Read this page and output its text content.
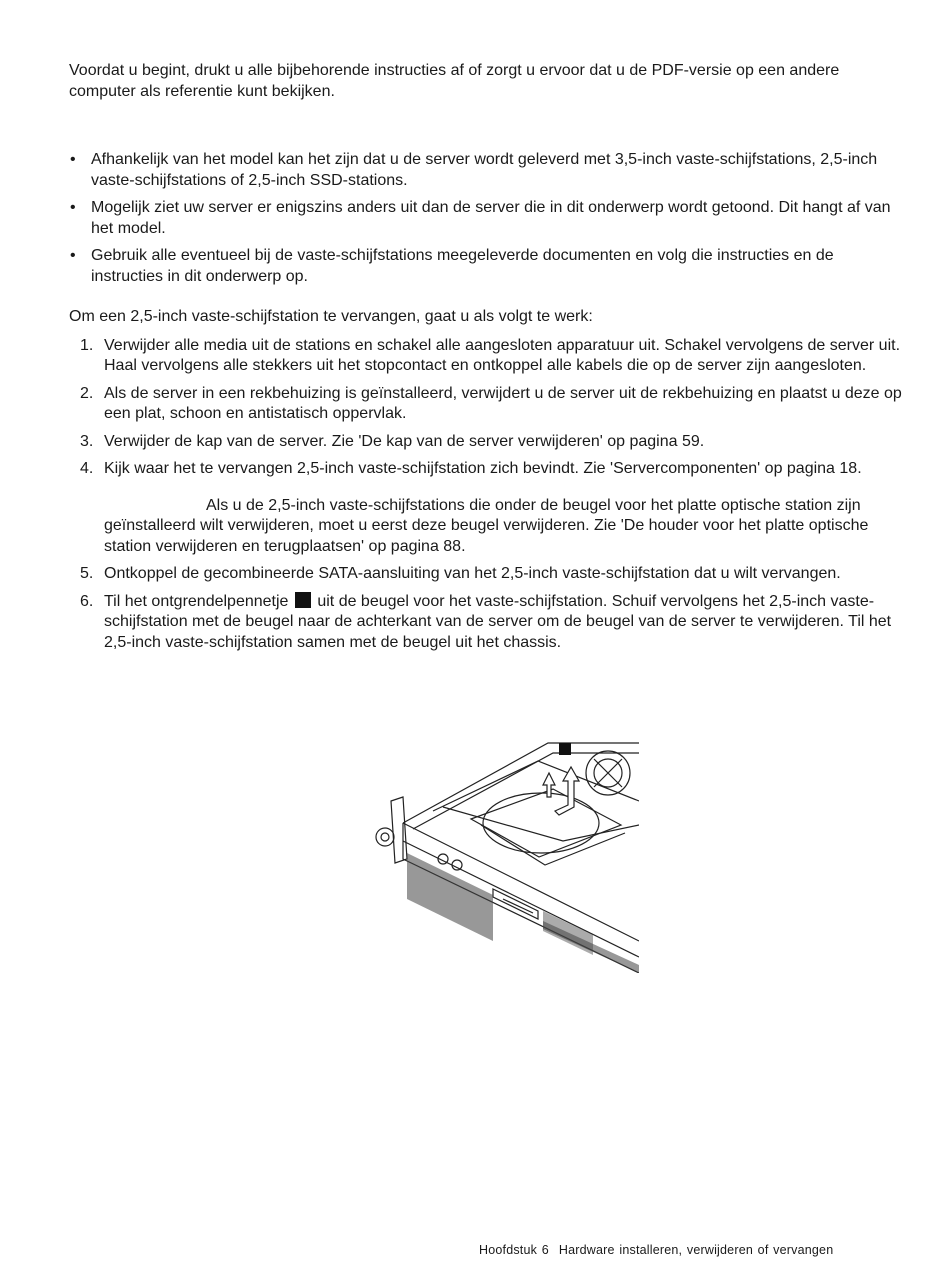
Voordat u begint, drukt u alle bijbehorende instructies af of zorgt u ervoor dat u de PDF-versie op een andere computer als referentie kunt bekijken.

• Afhankelijk van het model kan het zijn dat u de server wordt geleverd met 3,5-inch vaste-schijfstations, 2,5-inch vaste-schijfstations of 2,5-inch SSD-stations.
• Mogelijk ziet uw server er enigszins anders uit dan de server die in dit onderwerp wordt getoond. Dit hangt af van het model.
• Gebruik alle eventueel bij de vaste-schijfstations meegeleverde documenten en volg die instructies en de instructies in dit onderwerp op.

Om een 2,5-inch vaste-schijfstation te vervangen, gaat u als volgt te werk:

1. Verwijder alle media uit de stations en schakel alle aangesloten apparatuur uit. Schakel vervolgens de server uit. Haal vervolgens alle stekkers uit het stopcontact en ontkoppel alle kabels die op de server zijn aangesloten.
2. Als de server in een rekbehuizing is geïnstalleerd, verwijdert u de server uit de rekbehuizing en plaatst u deze op een plat, schoon en antistatisch oppervlak.
3. Verwijder de kap van de server. Zie 'De kap van de server verwijderen' op pagina 59.
4. Kijk waar het te vervangen 2,5-inch vaste-schijfstation zich bevindt. Zie 'Servercomponenten' op pagina 18.

Als u de 2,5-inch vaste-schijfstations die onder de beugel voor het platte optische station zijn geïnstalleerd wilt verwijderen, moet u eerst deze beugel verwijderen. Zie 'De houder voor het platte optische station verwijderen en terugplaatsen' op pagina 88.

5. Ontkoppel de gecombineerde SATA-aansluiting van het 2,5-inch vaste-schijfstation dat u wilt vervangen.
6. Til het ontgrendelpennetje uit de beugel voor het vaste-schijfstation. Schuif vervolgens het 2,5-inch vaste-schijfstation met de beugel naar de achterkant van de server om de beugel van de server te verwijderen. Til het 2,5-inch vaste-schijfstation samen met de beugel uit het chassis.
Hoofdstuk 6 Hardware installeren, verwijderen of vervangen
